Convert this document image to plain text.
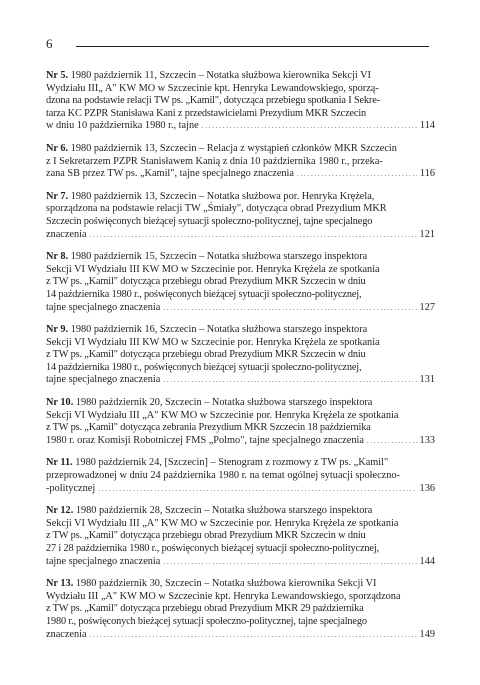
6
Nr 5. 1980 październik 11, Szczecin – Notatka służbowa kierownika Sekcji VI
Wydziału III„ A" KW MO w Szczecinie kpt. Henryka Lewandowskiego, sporzą-
dzona na podstawie relacji TW ps. „Kamil", dotycząca przebiegu spotkania I Sekre-
tarza KC PZPR Stanisława Kani z przedstawicielami Prezydium MKR Szczecin
w dniu 10 października 1980 r., tajne . . .	114
Nr 6. 1980 październik 13, Szczecin – Relacja z wystąpień członków MKR Szczecin
z I Sekretarzem PZPR Stanisławem Kanią z dnia 10 października 1980 r., przeka-
zana SB przez TW ps. „Kamil", tajne specjalnego znaczenia . . .	116
Nr 7. 1980 październik 13, Szczecin – Notatka służbowa por. Henryka Krężela,
sporządzona na podstawie relacji TW „Śmiały", dotycząca obrad Prezydium MKR
Szczecin poświęconych bieżącej sytuacji społeczno-politycznej, tajne specjalnego
znaczenia . . .	121
Nr 8. 1980 październik 15, Szczecin – Notatka służbowa starszego inspektora
Sekcji VI Wydziału III KW MO w Szczecinie por. Henryka Krężela ze spotkania
z TW ps. „Kamil" dotycząca przebiegu obrad Prezydium MKR Szczecin w dniu
14 października 1980 r., poświęconych bieżącej sytuacji społeczno-politycznej,
tajne specjalnego znaczenia . . .	127
Nr 9. 1980 październik 16, Szczecin – Notatka służbowa starszego inspektora
Sekcji VI Wydziału III KW MO w Szczecinie por. Henryka Krężela ze spotkania
z TW ps. „Kamil" dotycząca przebiegu obrad Prezydium MKR Szczecin w dniu
14 października 1980 r., poświęconych bieżącej sytuacji społeczno-politycznej,
tajne specjalnego znaczenia . . .	131
Nr 10. 1980 październik 20, Szczecin – Notatka służbowa starszego inspektora
Sekcji VI Wydziału III „A" KW MO w Szczecinie por. Henryka Krężela ze spotkania
z TW ps. „Kamil" dotycząca zebrania Prezydium MKR Szczecin 18 października
1980 r. oraz Komisji Robotniczej FMS „Polmo", tajne specjalnego znaczenia . . .	133
Nr 11. 1980 październik 24, [Szczecin] – Stenogram z rozmowy z TW ps. „Kamil"
przeprowadzonej w dniu 24 października 1980 r. na temat ogólnej sytuacji społeczno-
-politycznej . . .	136
Nr 12. 1980 październik 28, Szczecin – Notatka służbowa starszego inspektora
Sekcji VI Wydziału III „A" KW MO w Szczecinie por. Henryka Krężela ze spotkania
z TW ps. „Kamil" dotycząca przebiegu obrad Prezydium MKR Szczecin w dniu
27 i 28 października 1980 r., poświęconych bieżącej sytuacji społeczno-politycznej,
tajne specjalnego znaczenia . . .	144
Nr 13. 1980 październik 30, Szczecin – Notatka służbowa kierownika Sekcji VI
Wydziału III „A" KW MO w Szczecinie kpt. Henryka Lewandowskiego, sporządzona
z TW ps. „Kamil" dotycząca przebiegu obrad Prezydium MKR 29 października
1980 r., poświęconych bieżącej sytuacji społeczno-politycznej, tajne specjalnego
znaczenia . . .	149
